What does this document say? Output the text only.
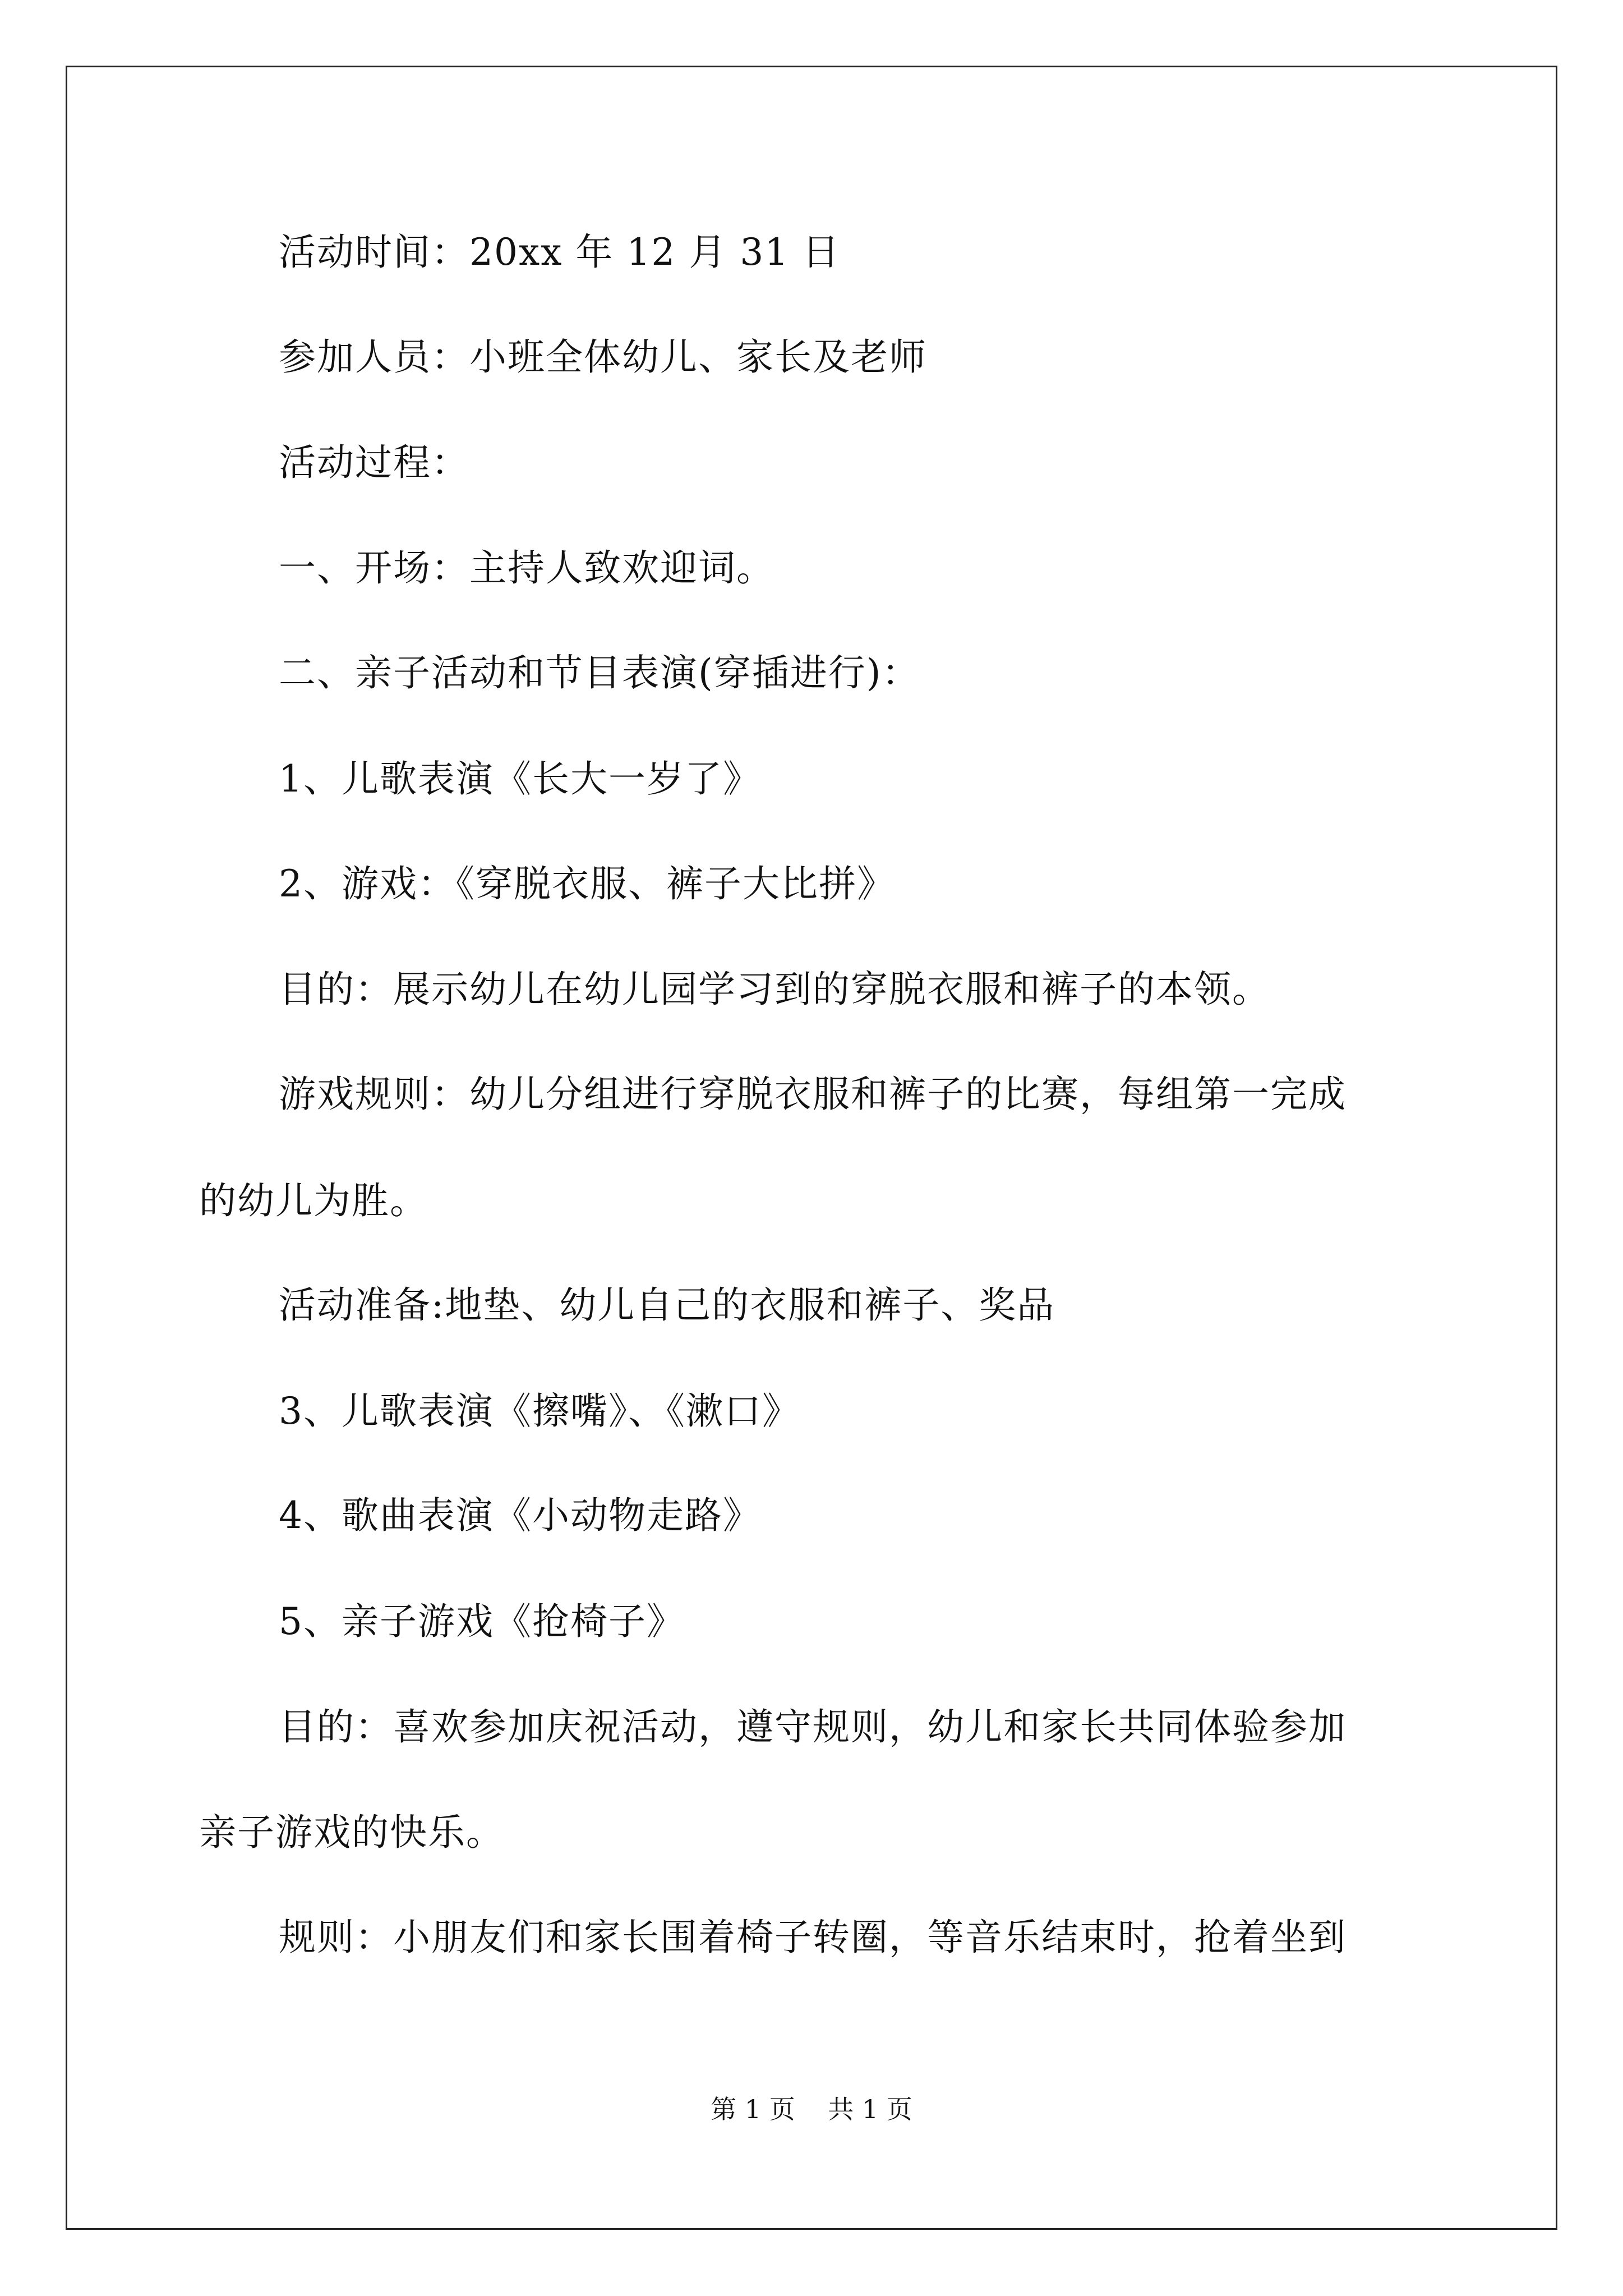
活动时间：20xx 年 12 月 31 日
参加人员：小班全体幼儿、家长及老师
活动过程：
一、开场：主持人致欢迎词。
二、亲子活动和节目表演(穿插进行)：
1、儿歌表演《长大一岁了》
2、游戏：《穿脱衣服、裤子大比拼》
目的：展示幼儿在幼儿园学习到的穿脱衣服和裤子的本领。
游戏规则：幼儿分组进行穿脱衣服和裤子的比赛，每组第一完成
的幼儿为胜。
活动准备:地垫、幼儿自己的衣服和裤子、奖品
3、儿歌表演《擦嘴》、《漱口》
4、歌曲表演《小动物走路》
5、亲子游戏《抢椅子》
目的：喜欢参加庆祝活动，遵守规则，幼儿和家长共同体验参加
亲子游戏的快乐。
规则：小朋友们和家长围着椅子转圈，等音乐结束时，抢着坐到
第 1 页    共 1 页
